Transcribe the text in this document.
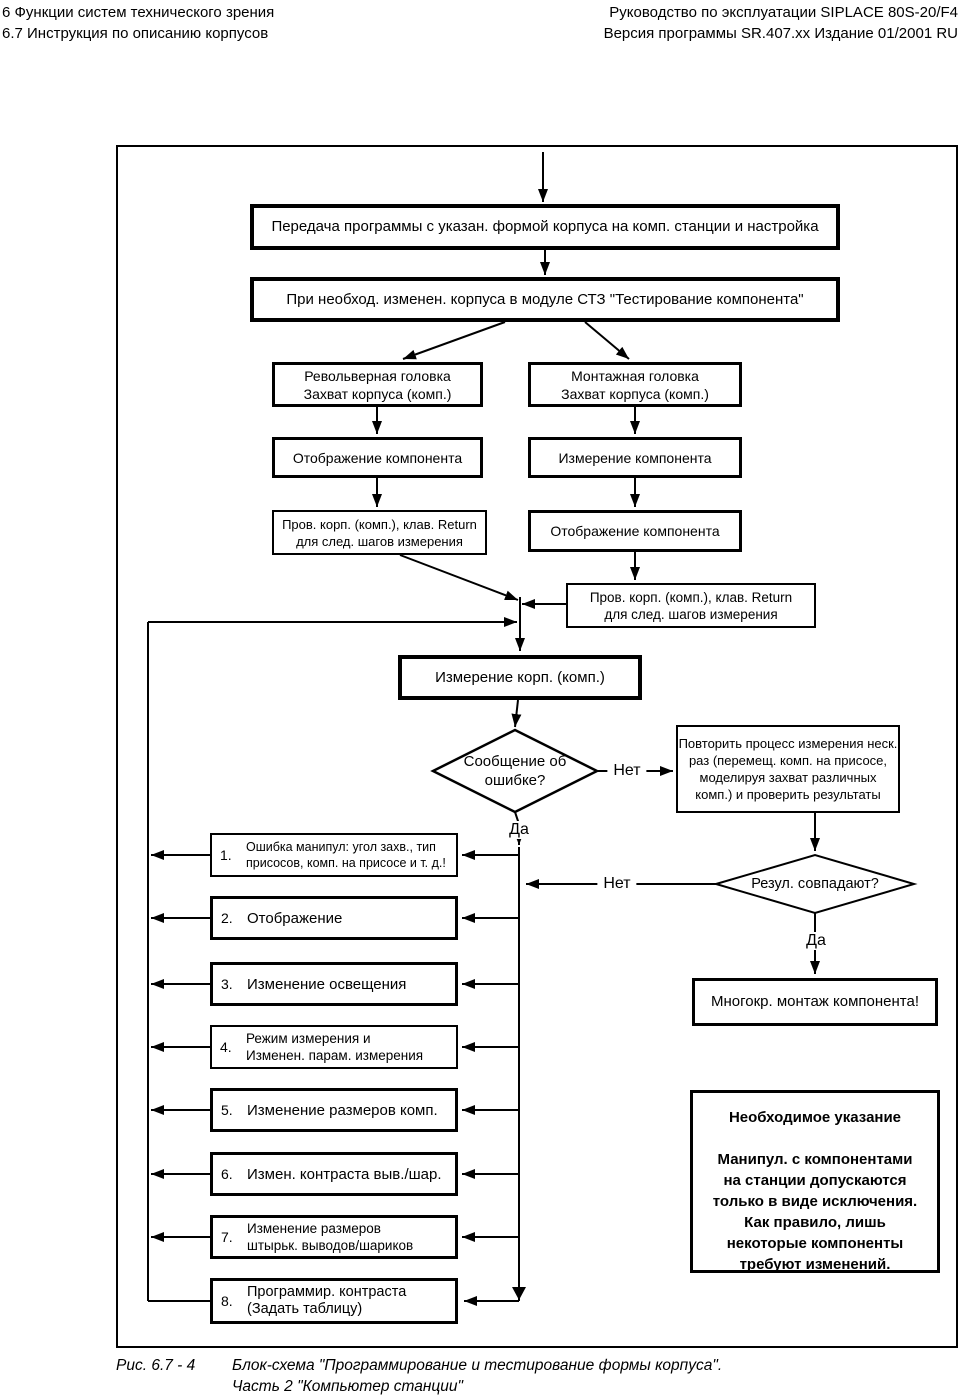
6 Функции систем технического зрения
6.7 Инструкция по описанию корпусов
Руководство по эксплуатации SIPLACE 80S-20/F4
Версия программы SR.407.xx Издание 01/2001 RU
Передача программы с указан. формой корпуса на комп. станции и настройка
При необход. изменен. корпуса в модуле СТЗ "Тестирование компонента"
Револьверная головка
Захват корпуса (комп.)
Монтажная головка
Захват корпуса (комп.)
Отображение компонента	Измерение компонента
Пров. корп. (комп.), клав. Return
для след. шагов измерения
Отображение компонента
Пров. корп. (комп.), клав. Return
для след. шагов измерения
Измерение корп. (комп.)
Повторить процесс измерения неск.
раз (перемещ. комп. на присосе,
моделируя захват различных
комп.) и проверить результаты
Многокр. монтаж компонента!
Сообщение об
ошибке?
Резул. совпадают?
Нет
Да
Нет
Да
1.	Ошибка манипул: угол захв., тип
присосов, комп. на присосе и т. д.!
2. Отображение
3. Изменение освещения
4.
Режим измерения и
Изменен. парам. измерения
5. Изменение размеров комп.
6. Измен. контраста выв./шар.
7.
Изменение размеров
штырьк. выводов/шариков
8.
Программир. контраста
(Задать таблицу)
Необходимое указание
Манипул. с компонентами
на станции допускаются
только в виде исключения.
Как правило, лишь
некоторые компоненты
требуют изменений.
Рис. 6.7 - 4 Блок-схема "Программирование и тестирование формы корпуса".
Часть 2 "Компьютер станции"
